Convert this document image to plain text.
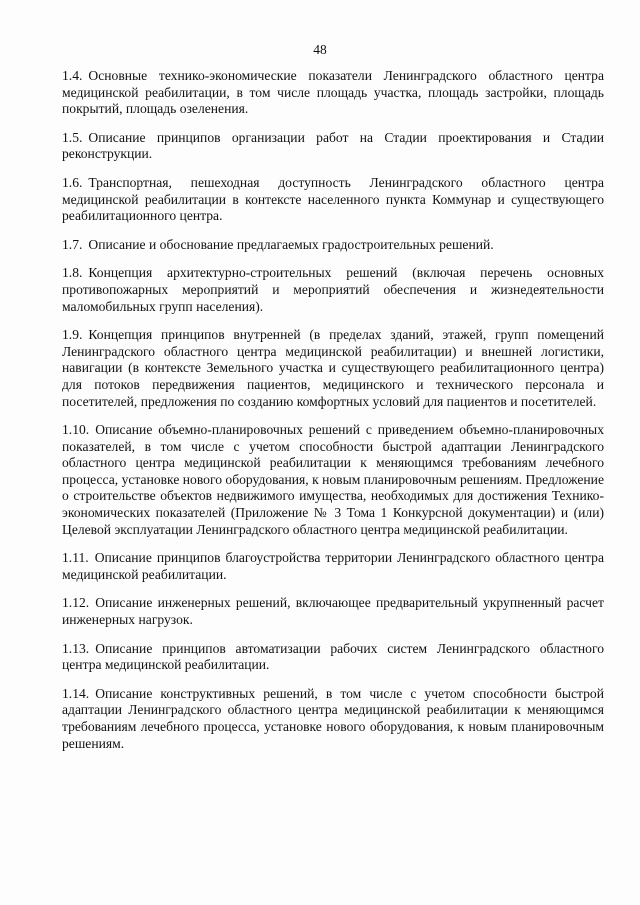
48

1.4. Основные технико-экономические показатели Ленинградского областного центра медицинской реабилитации, в том числе площадь участка, площадь застройки, площадь покрытий, площадь озеленения.

1.5. Описание принципов организации работ на Стадии проектирования и Стадии реконструкции.

1.6. Транспортная, пешеходная доступность Ленинградского областного центра медицинской реабилитации в контексте населенного пункта Коммунар и существующего реабилитационного центра.

1.7. Описание и обоснование предлагаемых градостроительных решений.

1.8. Концепция архитектурно-строительных решений (включая перечень основных противопожарных мероприятий и мероприятий обеспечения и жизнедеятельности маломобильных групп населения).

1.9. Концепция принципов внутренней (в пределах зданий, этажей, групп помещений Ленинградского областного центра медицинской реабилитации) и внешней логистики, навигации (в контексте Земельного участка и существующего реабилитационного центра) для потоков передвижения пациентов, медицинского и технического персонала и посетителей, предложения по созданию комфортных условий для пациентов и посетителей.

1.10. Описание объемно-планировочных решений с приведением объемно-планировочных показателей, в том числе с учетом способности быстрой адаптации Ленинградского областного центра медицинской реабилитации к меняющимся требованиям лечебного процесса, установке нового оборудования, к новым планировочным решениям. Предложение о строительстве объектов недвижимого имущества, необходимых для достижения Технико-экономических показателей (Приложение № 3 Тома 1 Конкурсной документации) и (или) Целевой эксплуатации Ленинградского областного центра медицинской реабилитации.

1.11. Описание принципов благоустройства территории Ленинградского областного центра медицинской реабилитации.

1.12. Описание инженерных решений, включающее предварительный укрупненный расчет инженерных нагрузок.

1.13. Описание принципов автоматизации рабочих систем Ленинградского областного центра медицинской реабилитации.

1.14. Описание конструктивных решений, в том числе с учетом способности быстрой адаптации Ленинградского областного центра медицинской реабилитации к меняющимся требованиям лечебного процесса, установке нового оборудования, к новым планировочным решениям.
